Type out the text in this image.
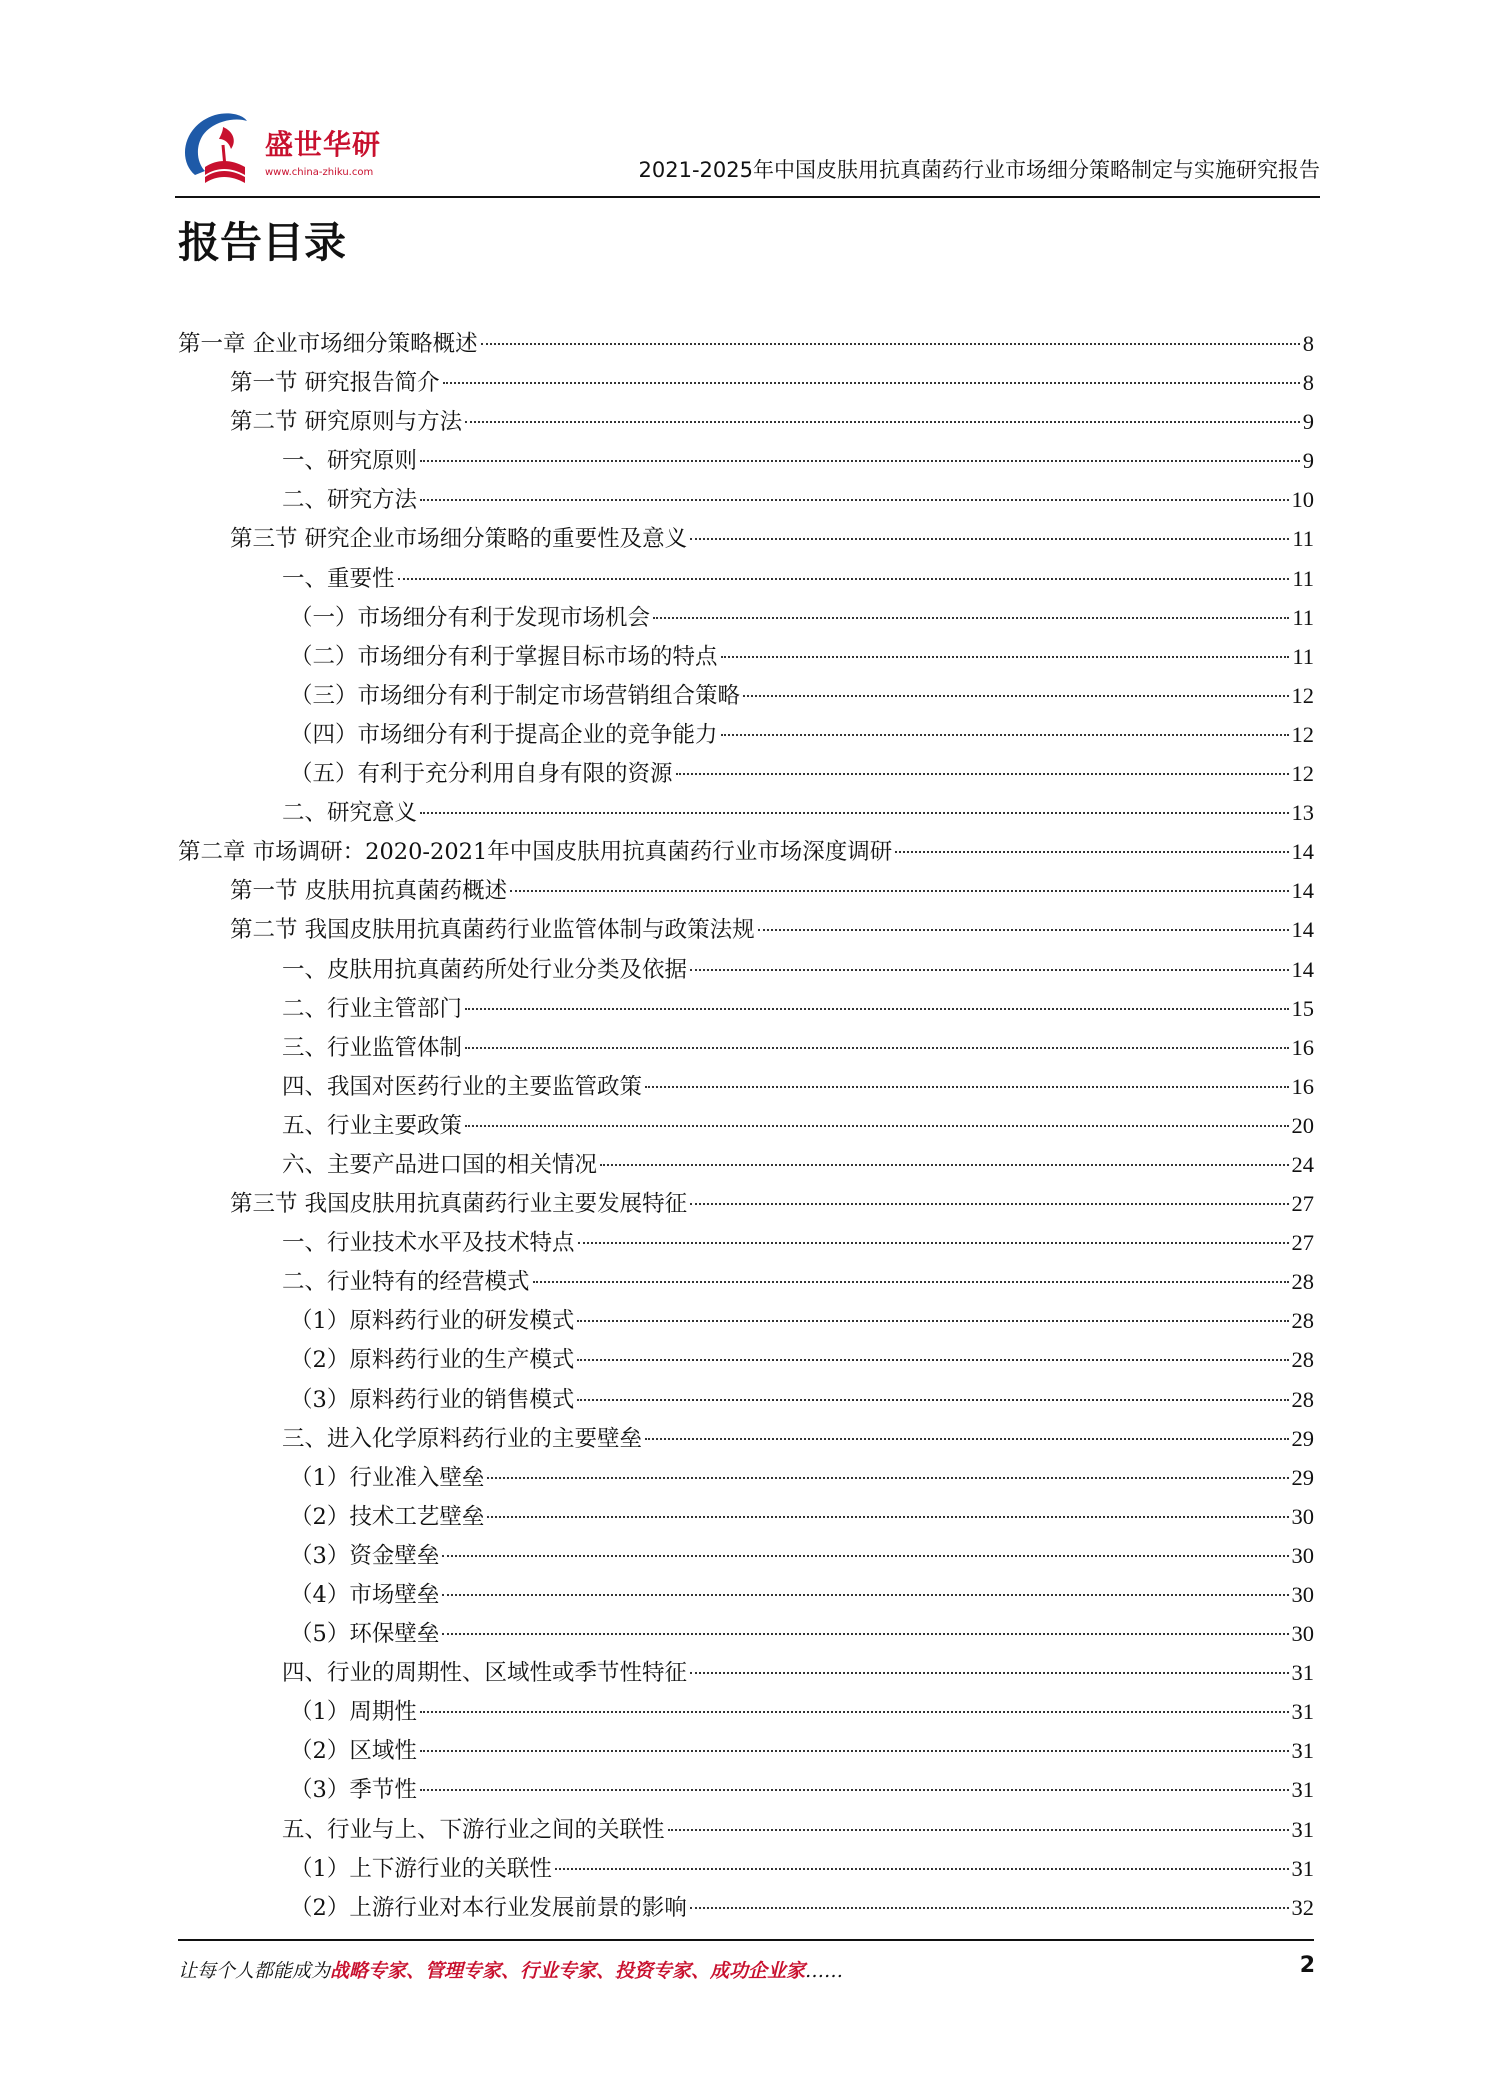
盛世华研
www.china-zhiku.com	2021-2025年中国皮肤用抗真菌药行业市场细分策略制定与实施研究报告
报告目录
第一章 企业市场细分策略概述	8
第一节 研究报告简介	8
第二节 研究原则与方法	9
一、研究原则	9
二、研究方法	10
第三节 研究企业市场细分策略的重要性及意义	11
一、重要性	11
（一）市场细分有利于发现市场机会	11
（二）市场细分有利于掌握目标市场的特点	11
（三）市场细分有利于制定市场营销组合策略	12
（四）市场细分有利于提高企业的竞争能力	12
（五）有利于充分利用自身有限的资源	12
二、研究意义	13
第二章 市场调研：2020-2021年中国皮肤用抗真菌药行业市场深度调研	14
第一节 皮肤用抗真菌药概述	14
第二节 我国皮肤用抗真菌药行业监管体制与政策法规	14
一、皮肤用抗真菌药所处行业分类及依据	14
二、行业主管部门	15
三、行业监管体制	16
四、我国对医药行业的主要监管政策	16
五、行业主要政策	20
六、主要产品进口国的相关情况	24
第三节 我国皮肤用抗真菌药行业主要发展特征	27
一、行业技术水平及技术特点	27
二、行业特有的经营模式	28
（1）原料药行业的研发模式	28
（2）原料药行业的生产模式	28
（3）原料药行业的销售模式	28
三、进入化学原料药行业的主要壁垒	29
（1）行业准入壁垒	29
（2）技术工艺壁垒	30
（3）资金壁垒	30
（4）市场壁垒	30
（5）环保壁垒	30
四、行业的周期性、区域性或季节性特征	31
（1）周期性	31
（2）区域性	31
（3）季节性	31
五、行业与上、下游行业之间的关联性	31
（1）上下游行业的关联性	31
（2）上游行业对本行业发展前景的影响	32
让每个人都能成为战略专家、管理专家、行业专家、投资专家、成功企业家……	2
